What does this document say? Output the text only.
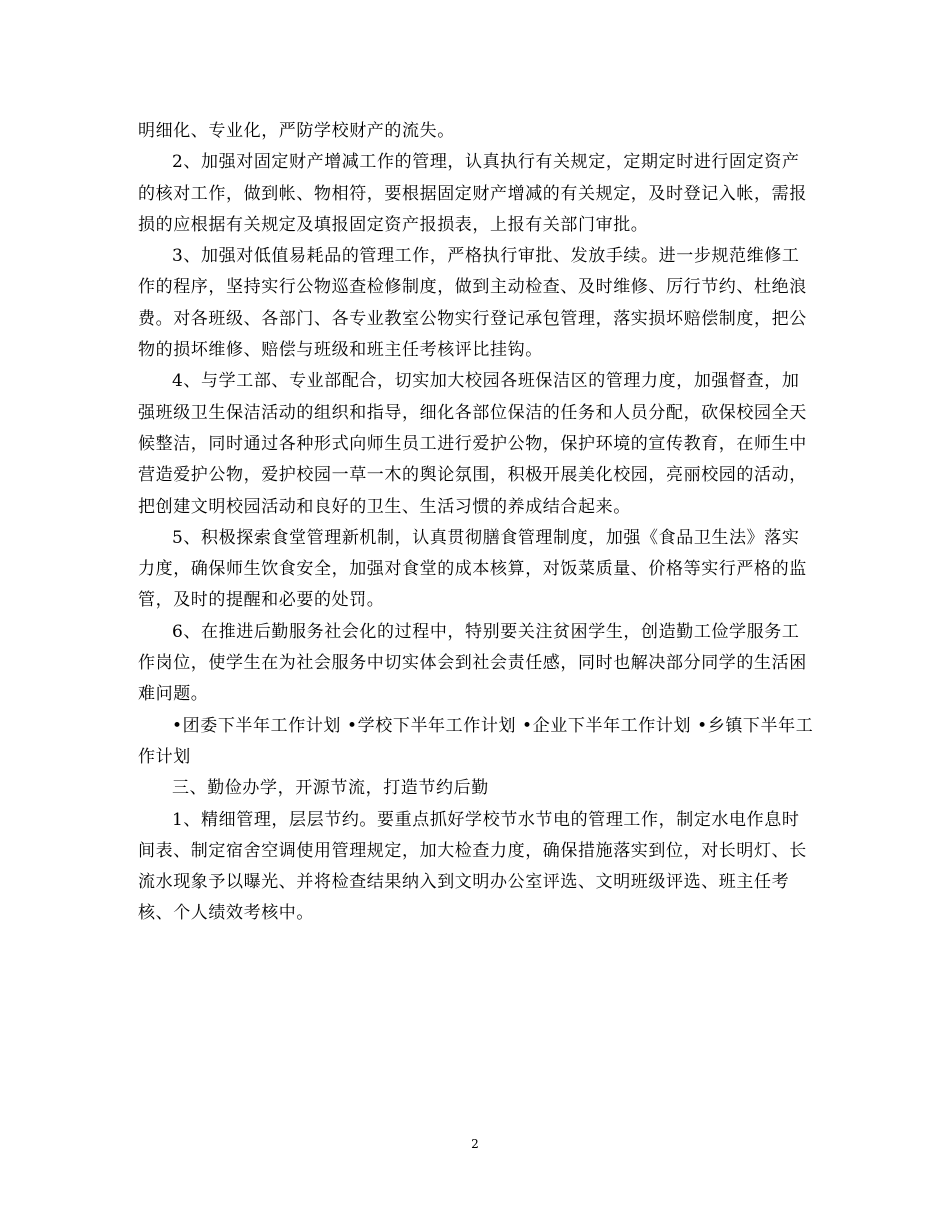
明细化、专业化，严防学校财产的流失。

2、加强对固定财产增减工作的管理，认真执行有关规定，定期定时进行固定资产的核对工作，做到帐、物相符，要根据固定财产增减的有关规定，及时登记入帐，需报损的应根据有关规定及填报固定资产报损表，上报有关部门审批。

3、加强对低值易耗品的管理工作，严格执行审批、发放手续。进一步规范维修工作的程序，坚持实行公物巡查检修制度，做到主动检查、及时维修、厉行节约、杜绝浪费。对各班级、各部门、各专业教室公物实行登记承包管理，落实损坏赔偿制度，把公物的损坏维修、赔偿与班级和班主任考核评比挂钩。

4、与学工部、专业部配合，切实加大校园各班保洁区的管理力度，加强督查，加强班级卫生保洁活动的组织和指导，细化各部位保洁的任务和人员分配，砍保校园全天候整洁，同时通过各种形式向师生员工进行爱护公物，保护环境的宣传教育，在师生中营造爱护公物，爱护校园一草一木的舆论氛围，积极开展美化校园，亮丽校园的活动，把创建文明校园活动和良好的卫生、生活习惯的养成结合起来。

5、积极探索食堂管理新机制，认真贯彻膳食管理制度，加强《食品卫生法》落实力度，确保师生饮食安全，加强对食堂的成本核算，对饭菜质量、价格等实行严格的监管，及时的提醒和必要的处罚。

6、在推进后勤服务社会化的过程中，特别要关注贫困学生，创造勤工俭学服务工作岗位，使学生在为社会服务中切实体会到社会责任感，同时也解决部分同学的生活困难问题。

•团委下半年工作计划 •学校下半年工作计划 •企业下半年工作计划 •乡镇下半年工作计划

三、勤俭办学，开源节流，打造节约后勤

1、精细管理，层层节约。要重点抓好学校节水节电的管理工作，制定水电作息时间表、制定宿舍空调使用管理规定，加大检查力度，确保措施落实到位，对长明灯、长流水现象予以曝光、并将检查结果纳入到文明办公室评选、文明班级评选、班主任考核、个人绩效考核中。

2
